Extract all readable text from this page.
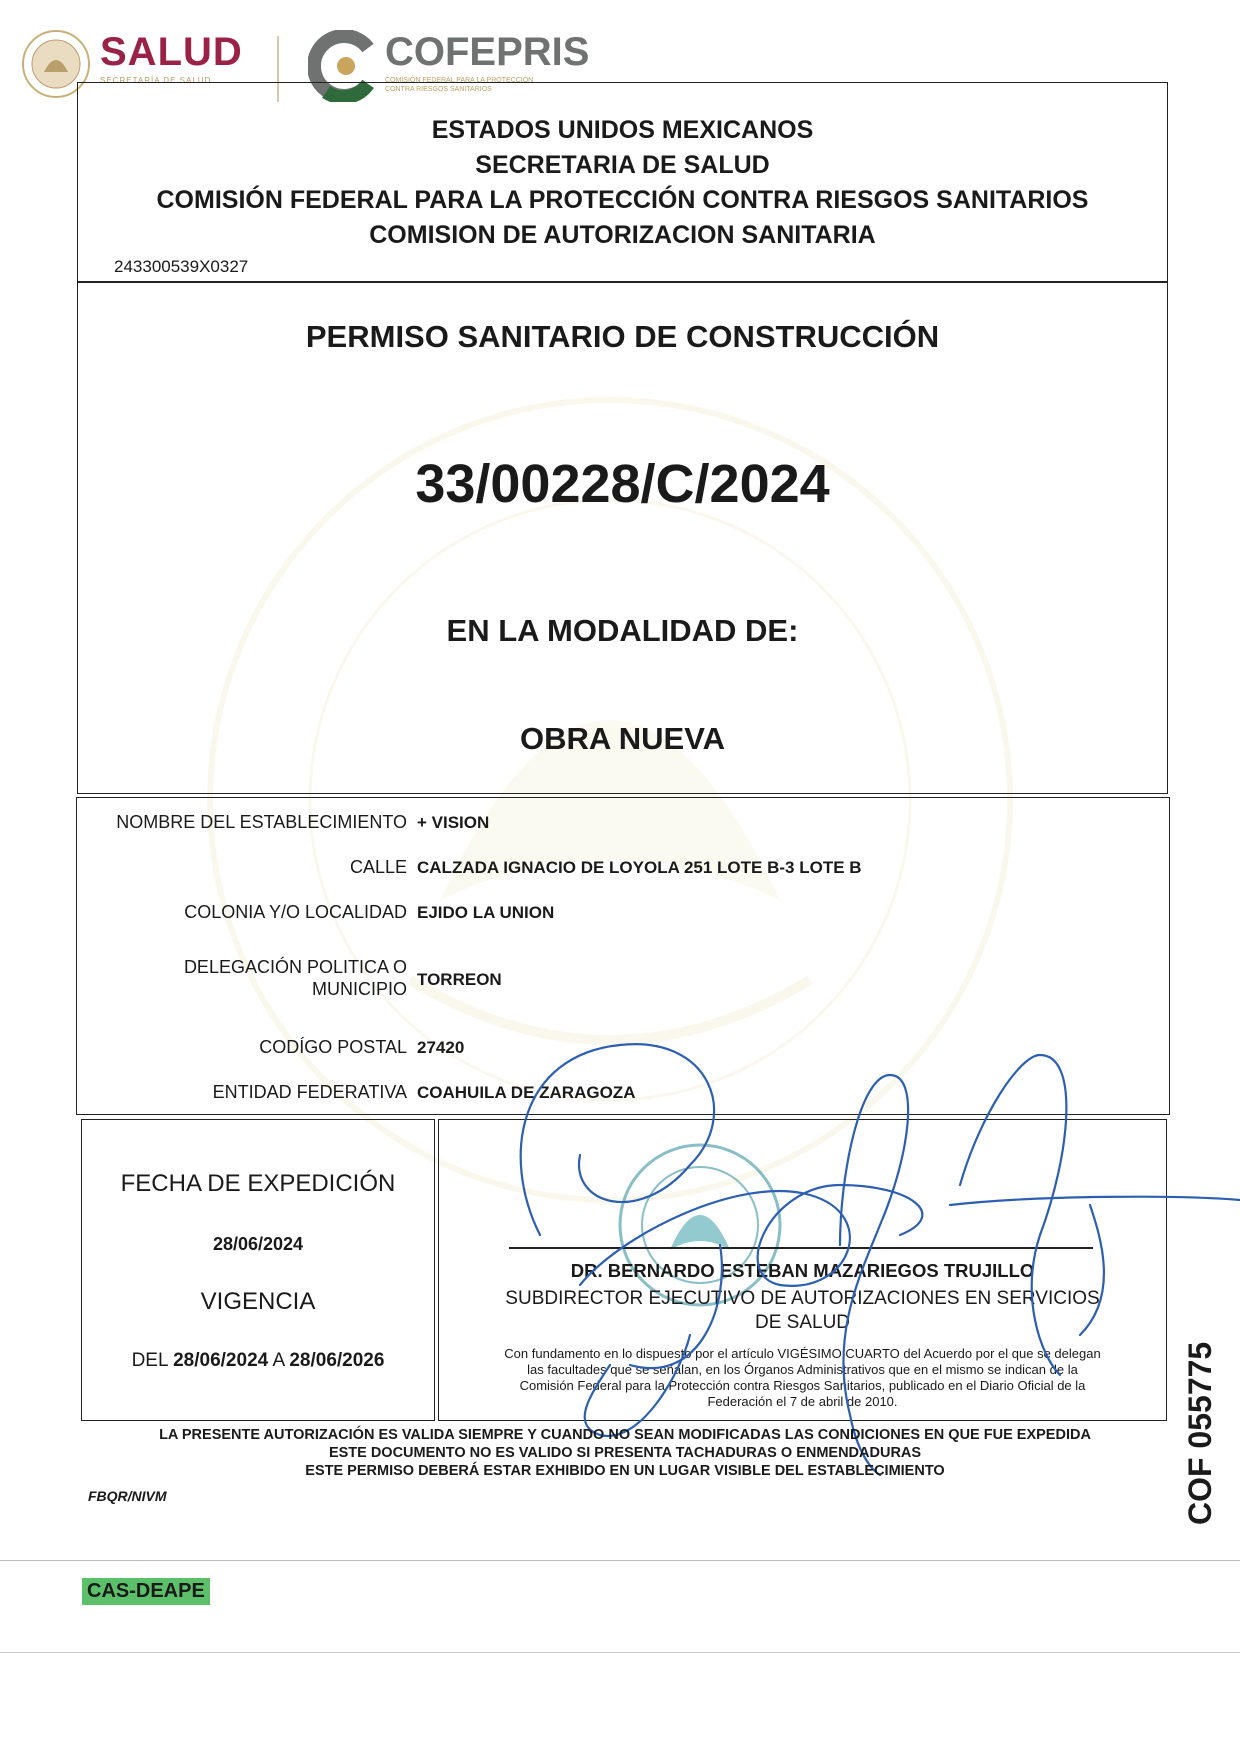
SALUD
SECRETARÍA DE SALUD
COFEPRIS
COMISIÓN FEDERAL PARA LA PROTECCIÓN
CONTRA RIESGOS SANITARIOS
ESTADOS UNIDOS MEXICANOS
SECRETARIA DE SALUD
COMISIÓN FEDERAL PARA LA PROTECCIÓN CONTRA RIESGOS SANITARIOS
COMISION DE AUTORIZACION SANITARIA
243300539X0327
PERMISO SANITARIO DE CONSTRUCCIÓN
33/00228/C/2024
EN LA MODALIDAD DE:
OBRA NUEVA
NOMBRE DEL ESTABLECIMIENTO + VISION
CALLE CALZADA IGNACIO DE LOYOLA 251 LOTE B-3 LOTE B
COLONIA Y/O LOCALIDAD EJIDO LA UNION
DELEGACIÓN POLITICA O MUNICIPIO TORREON
CODÍGO POSTAL 27420
ENTIDAD FEDERATIVA COAHUILA DE ZARAGOZA
FECHA DE EXPEDICIÓN
28/06/2024
VIGENCIA
DEL 28/06/2024 A 28/06/2026
DR. BERNARDO ESTEBAN MAZARIEGOS TRUJILLO
SUBDIRECTOR EJECUTIVO DE AUTORIZACIONES EN SERVICIOS
DE SALUD
Con fundamento en lo dispuesto por el artículo VIGÉSIMO CUARTO del Acuerdo por el que se delegan
las facultades que se señalan, en los Órganos Administrativos que en el mismo se indican de la
Comisión Federal para la Protección contra Riesgos Sanitarios, publicado en el Diario Oficial de la
Federación el 7 de abril de 2010.
LA PRESENTE AUTORIZACIÓN ES VALIDA SIEMPRE Y CUANDO NO SEAN MODIFICADAS LAS CONDICIONES EN QUE FUE EXPEDIDA
ESTE DOCUMENTO NO ES VALIDO SI PRESENTA TACHADURAS O ENMENDADURAS
ESTE PERMISO DEBERÁ ESTAR EXHIBIDO EN UN LUGAR VISIBLE DEL ESTABLECIMIENTO
FBQR/NIVM	COF 055775
CAS-DEAPE
